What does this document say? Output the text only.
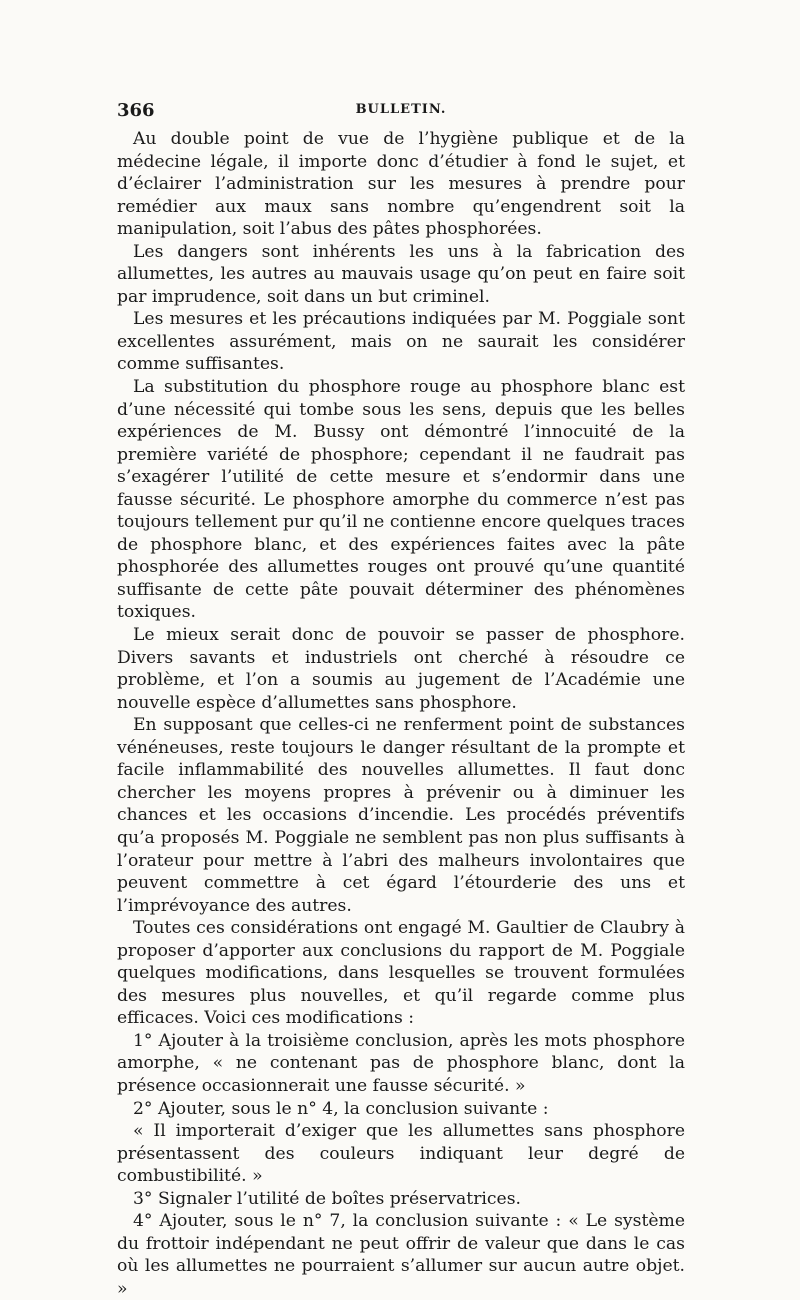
366	BULLETIN.

Au double point de vue de l’hygiène publique et de la médecine légale, il importe donc d’étudier à fond le sujet, et d’éclairer l’administration sur les mesures à prendre pour remédier aux maux sans nombre qu’engendrent soit la manipulation, soit l’abus des pâtes phosphorées.

Les dangers sont inhérents les uns à la fabrication des allumettes, les autres au mauvais usage qu’on peut en faire soit par imprudence, soit dans un but criminel.

Les mesures et les précautions indiquées par M. Poggiale sont excellentes assurément, mais on ne saurait les considérer comme suffisantes.

La substitution du phosphore rouge au phosphore blanc est d’une nécessité qui tombe sous les sens, depuis que les belles expériences de M. Bussy ont démontré l’innocuité de la première variété de phosphore; cependant il ne faudrait pas s’exagérer l’utilité de cette mesure et s’endormir dans une fausse sécurité. Le phosphore amorphe du commerce n’est pas toujours tellement pur qu’il ne contienne encore quelques traces de phosphore blanc, et des expériences faites avec la pâte phosphorée des allumettes rouges ont prouvé qu’une quantité suffisante de cette pâte pouvait déterminer des phénomènes toxiques.

Le mieux serait donc de pouvoir se passer de phosphore. Divers savants et industriels ont cherché à résoudre ce problème, et l’on a soumis au jugement de l’Académie une nouvelle espèce d’allumettes sans phosphore.

En supposant que celles-ci ne renferment point de substances vénéneuses, reste toujours le danger résultant de la prompte et facile inflammabilité des nouvelles allumettes. Il faut donc chercher les moyens propres à prévenir ou à diminuer les chances et les occasions d’incendie. Les procédés préventifs qu’a proposés M. Poggiale ne semblent pas non plus suffisants à l’orateur pour mettre à l’abri des malheurs involontaires que peuvent commettre à cet égard l’étourderie des uns et l’imprévoyance des autres.

Toutes ces considérations ont engagé M. Gaultier de Claubry à proposer d’apporter aux conclusions du rapport de M. Poggiale quelques modifications, dans lesquelles se trouvent formulées des mesures plus nouvelles, et qu’il regarde comme plus efficaces. Voici ces modifications :

1° Ajouter à la troisième conclusion, après les mots phosphore amorphe, « ne contenant pas de phosphore blanc, dont la présence occasionnerait une fausse sécurité. »

2° Ajouter, sous le n° 4, la conclusion suivante :

« Il importerait d’exiger que les allumettes sans phosphore présentassent des couleurs indiquant leur degré de combustibilité. »

3° Signaler l’utilité de boîtes préservatrices.

4° Ajouter, sous le n° 7, la conclusion suivante : « Le système du frottoir indépendant ne peut offrir de valeur que dans le cas où les allumettes ne pourraient s’allumer sur aucun autre objet. »
